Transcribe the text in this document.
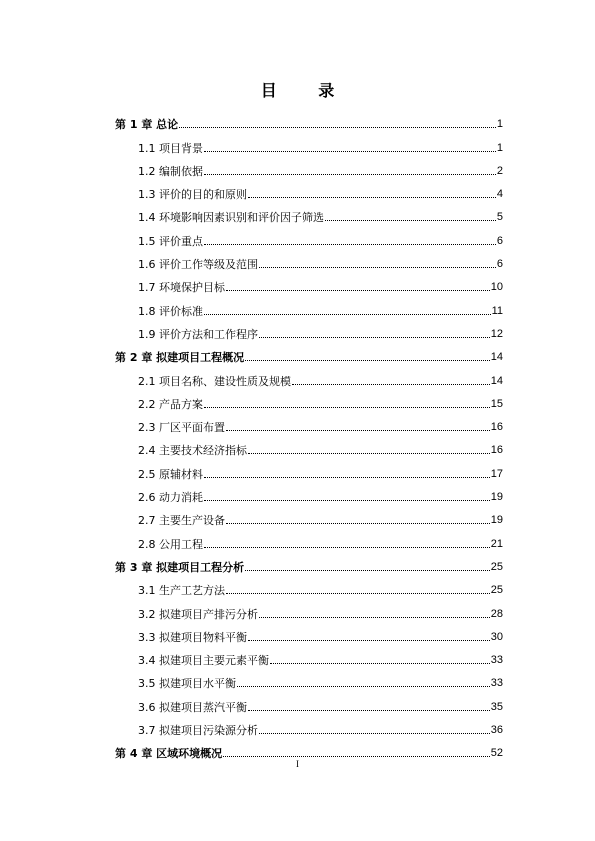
目 录
第 1 章 总论	1
1.1 项目背景	1
1.2 编制依据	2
1.3 评价的目的和原则	4
1.4 环境影响因素识别和评价因子筛选	5
1.5 评价重点	6
1.6 评价工作等级及范围	6
1.7 环境保护目标	10
1.8 评价标准	11
1.9 评价方法和工作程序	12
第 2 章 拟建项目工程概况	14
2.1 项目名称、建设性质及规模	14
2.2 产品方案	15
2.3 厂区平面布置	16
2.4 主要技术经济指标	16
2.5 原辅材料	17
2.6 动力消耗	19
2.7 主要生产设备	19
2.8 公用工程	21
第 3 章 拟建项目工程分析	25
3.1 生产工艺方法	25
3.2 拟建项目产排污分析	28
3.3 拟建项目物料平衡	30
3.4 拟建项目主要元素平衡	33
3.5 拟建项目水平衡	33
3.6 拟建项目蒸汽平衡	35
3.7 拟建项目污染源分析	36
第 4 章 区域环境概况	52
I
